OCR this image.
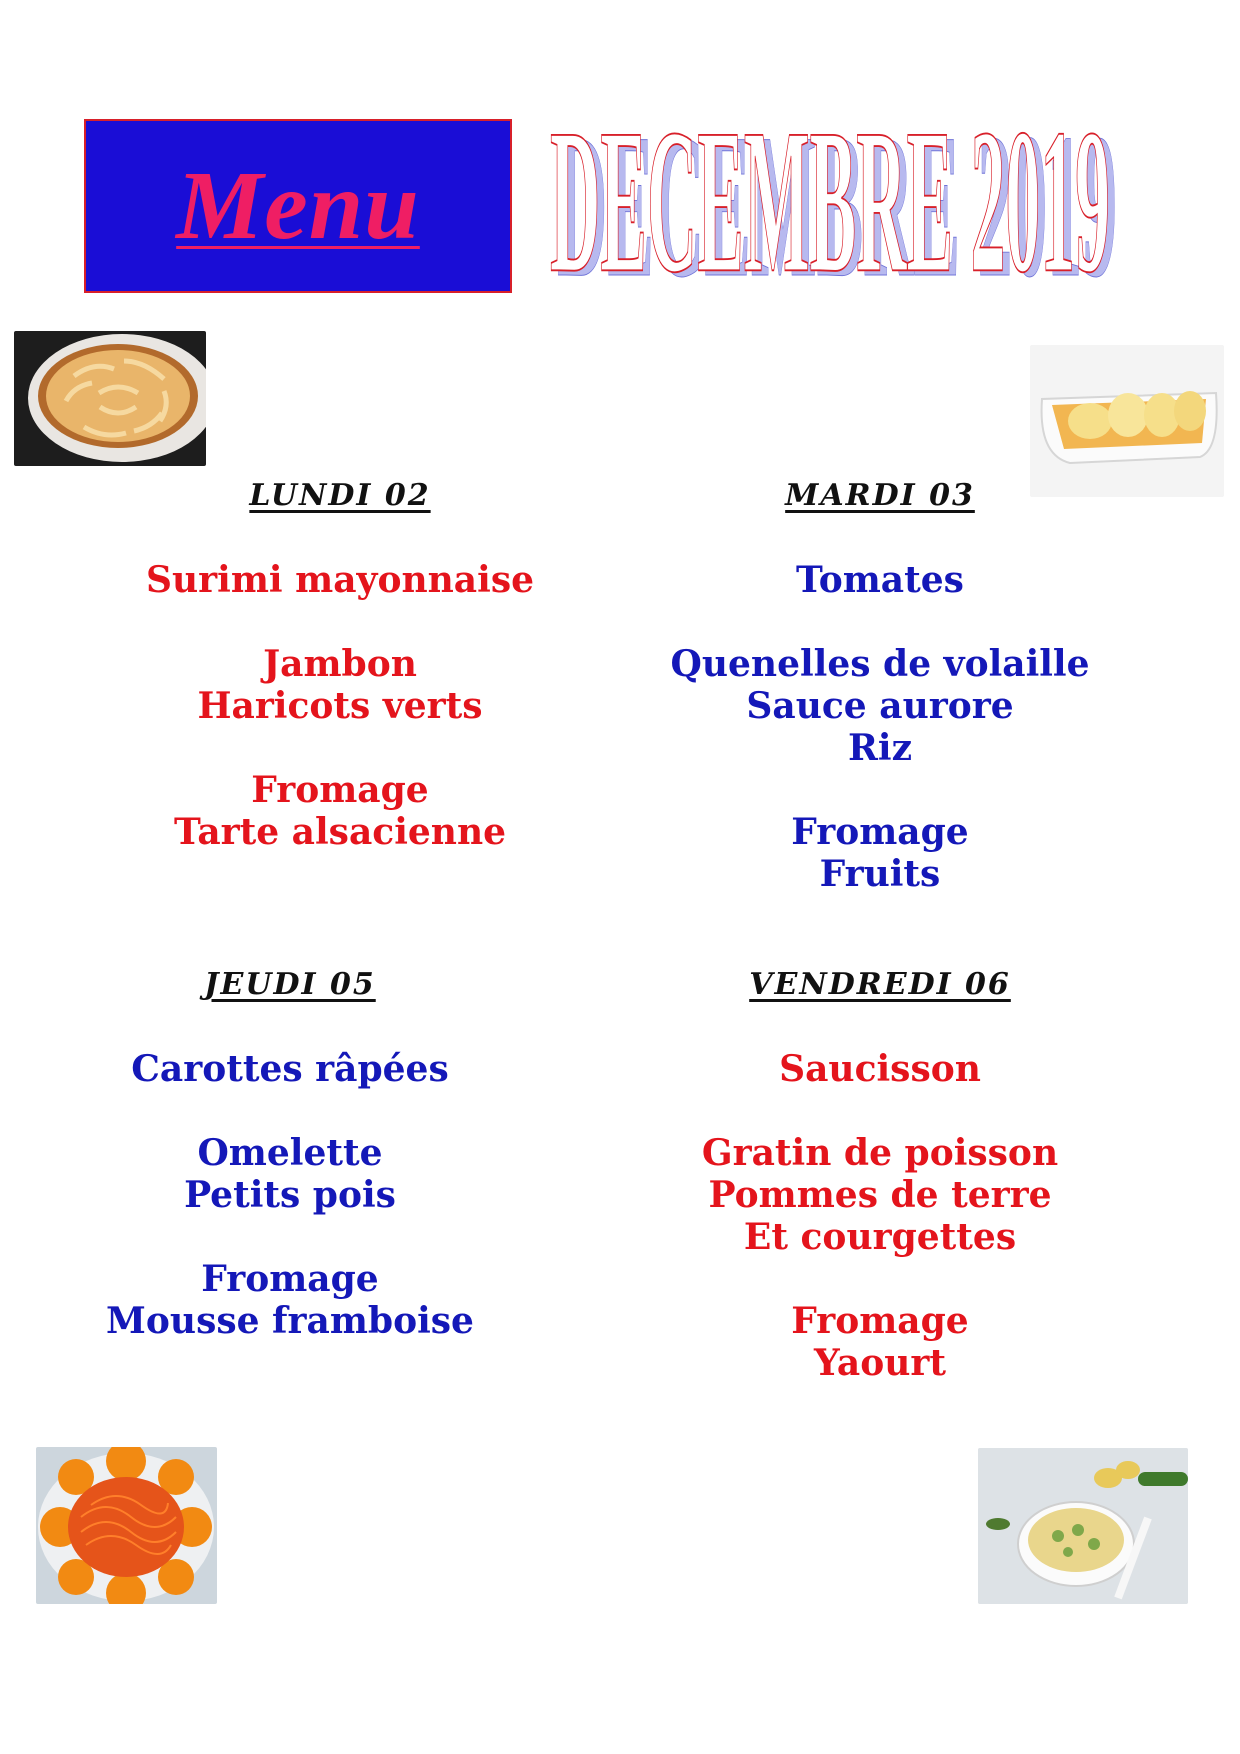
Menu DECEMBRE 2019
DECEMBRE 2019
LUNDI 02
Surimi mayonnaise
Jambon
Haricots verts
Fromage
Tarte alsacienne
MARDI 03
Tomates
Quenelles de volaille
Sauce aurore
Riz
Fromage
Fruits
JEUDI 05
Carottes râpées
Omelette
Petits pois
Fromage
Mousse framboise
VENDREDI 06
Saucisson
Gratin de poisson
Pommes de terre
Et courgettes
Fromage
Yaourt
